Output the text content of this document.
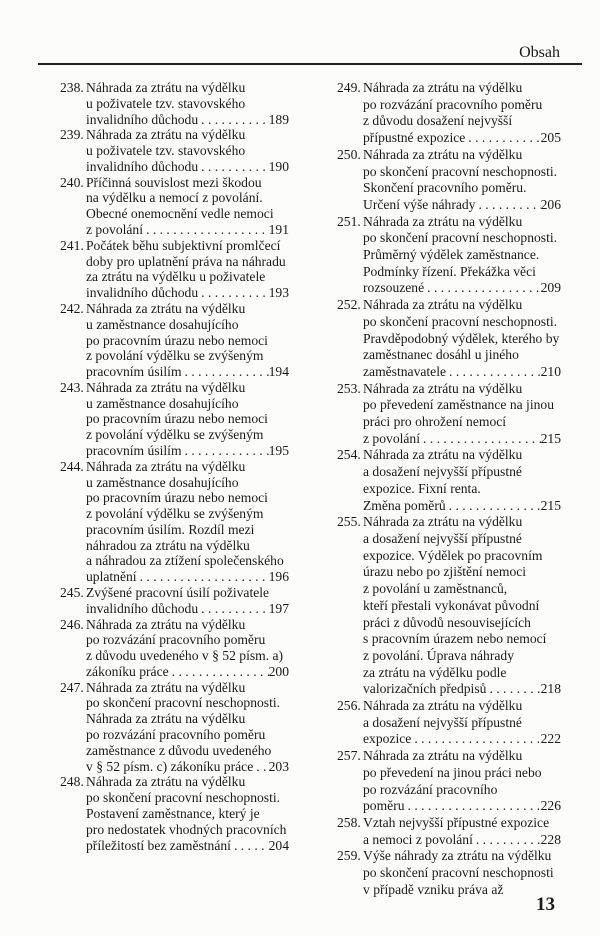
Obsah
238. Náhrada za ztrátu na výdělku
u poživatele tzv. stavovského
invalidního důchodu . . .	189
239. Náhrada za ztrátu na výdělku
u poživatele tzv. stavovského
invalidního důchodu . . .	190
240. Příčinná souvislost mezi škodou
na výdělku a nemocí z povolání.
Obecné onemocnění vedle nemoci
z povolání . . .	191
241. Počátek běhu subjektivní promlčecí
doby pro uplatnění práva na náhradu
za ztrátu na výdělku u poživatele
invalidního důchodu . . .	193
242. Náhrada za ztrátu na výdělku
u zaměstnance dosahujícího
po pracovním úrazu nebo nemoci
z povolání výdělku se zvýšeným
pracovním úsilím . . .	194
243. Náhrada za ztrátu na výdělku
u zaměstnance dosahujícího
po pracovním úrazu nebo nemoci
z povolání výdělku se zvýšeným
pracovním úsilím . . .	195
244. Náhrada za ztrátu na výdělku
u zaměstnance dosahujícího
po pracovním úrazu nebo nemoci
z povolání výdělku se zvýšeným
pracovním úsilím. Rozdíl mezi
náhradou za ztrátu na výdělku
a náhradou za ztížení společenského
uplatnění . . .	196
245. Zvýšené pracovní úsilí poživatele
invalidního důchodu . . .	197
246. Náhrada za ztrátu na výdělku
po rozvázání pracovního poměru
z důvodu uvedeného v § 52 písm. a)
zákoníku práce . . .	200
247. Náhrada za ztrátu na výdělku
po skončení pracovní neschopnosti.
Náhrada za ztrátu na výdělku
po rozvázání pracovního poměru
zaměstnance z důvodu uvedeného
v § 52 písm. c) zákoníku práce . . . 203
248. Náhrada za ztrátu na výdělku
po skončení pracovní neschopnosti.
Postavení zaměstnance, který je
pro nedostatek vhodných pracovních
příležitostí bez zaměstnání . . .	204
249. Náhrada za ztrátu na výdělku
po rozvázání pracovního poměru
z důvodu dosažení nejvyšší
přípustné expozice . . .	205
250. Náhrada za ztrátu na výdělku
po skončení pracovní neschopnosti.
Skončení pracovního poměru.
Určení výše náhrady . . .	206
251. Náhrada za ztrátu na výdělku
po skončení pracovní neschopnosti.
Průměrný výdělek zaměstnance.
Podmínky řízení. Překážka věci
rozsouzené . . .	209
252. Náhrada za ztrátu na výdělku
po skončení pracovní neschopnosti.
Pravděpodobný výdělek, kterého by
zaměstnanec dosáhl u jiného
zaměstnavatele . . .	210
253. Náhrada za ztrátu na výdělku
po převedení zaměstnance na jinou
práci pro ohrožení nemocí
z povolání . . .	215
254. Náhrada za ztrátu na výdělku
a dosažení nejvyšší přípustné
expozice. Fixní renta.
Změna poměrů . . .	215
255. Náhrada za ztrátu na výdělku
a dosažení nejvyšší přípustné
expozice. Výdělek po pracovním
úrazu nebo po zjištění nemoci
z povolání u zaměstnanců,
kteří přestali vykonávat původní
práci z důvodů nesouvisejících
s pracovním úrazem nebo nemocí
z povolání. Úprava náhrady
za ztrátu na výdělku podle
valorizačních předpisů . . .	218
256. Náhrada za ztrátu na výdělku
a dosažení nejvyšší přípustné
expozice . . .	222
257. Náhrada za ztrátu na výdělku
po převedení na jinou práci nebo
po rozvázání pracovního
poměru . . .	226
258. Vztah nejvyšší přípustné expozice
a nemoci z povolání . . .	228
259. Výše náhrady za ztrátu na výdělku
po skončení pracovní neschopnosti
v případě vzniku práva až
13
